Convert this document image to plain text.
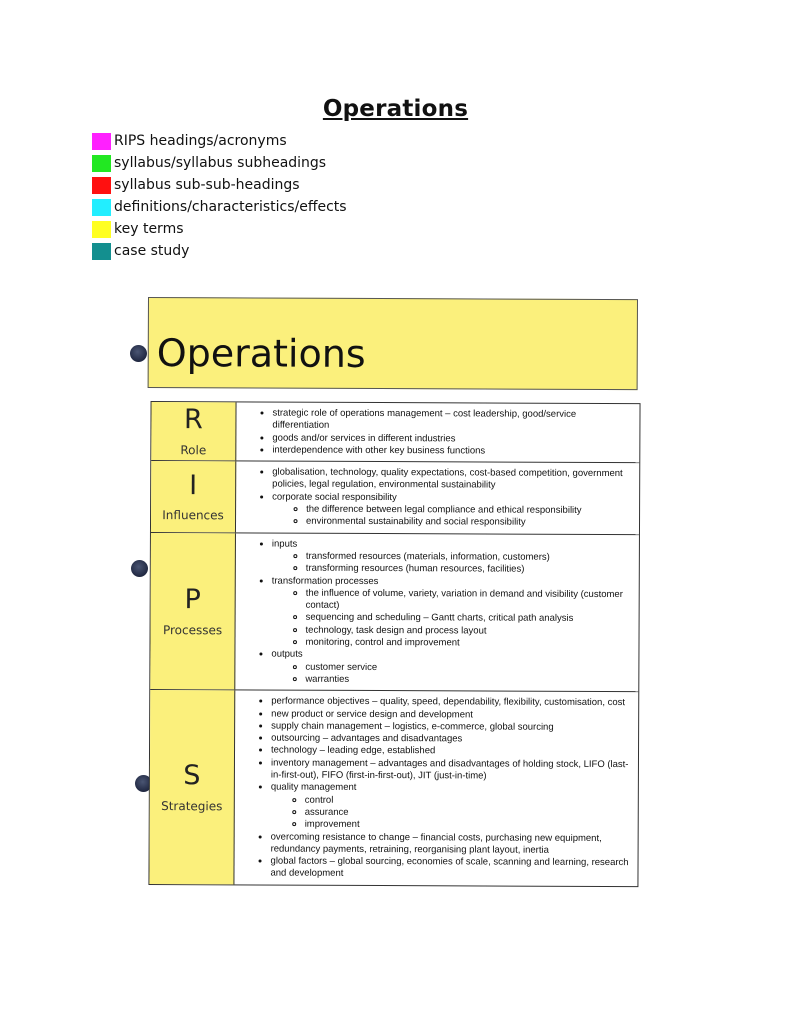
Operations
RIPS headings/acronyms
syllabus/syllabus subheadings
syllabus sub-sub-headings
definitions/characteristics/effects
key terms
case study
Operations
R
Role
• strategic role of operations management – cost leadership, good/service differentiation
• goods and/or services in different industries
• interdependence with other key business functions
I
Influences
• globalisation, technology, quality expectations, cost-based competition, government policies, legal regulation, environmental sustainability
• corporate social responsibility
◦ the difference between legal compliance and ethical responsibility
◦ environmental sustainability and social responsibility
P
Processes
• inputs
◦ transformed resources (materials, information, customers)
◦ transforming resources (human resources, facilities)
• transformation processes
◦ the influence of volume, variety, variation in demand and visibility (customer contact)
◦ sequencing and scheduling – Gantt charts, critical path analysis
◦ technology, task design and process layout
◦ monitoring, control and improvement
• outputs
◦ customer service
◦ warranties
S
Strategies
• performance objectives – quality, speed, dependability, flexibility, customisation, cost
• new product or service design and development
• supply chain management – logistics, e-commerce, global sourcing
• outsourcing – advantages and disadvantages
• technology – leading edge, established
• inventory management – advantages and disadvantages of holding stock, LIFO (last-in-first-out), FIFO (first-in-first-out), JIT (just-in-time)
• quality management
◦ control
◦ assurance
◦ improvement
• overcoming resistance to change – financial costs, purchasing new equipment, redundancy payments, retraining, reorganising plant layout, inertia
• global factors – global sourcing, economies of scale, scanning and learning, research and development
